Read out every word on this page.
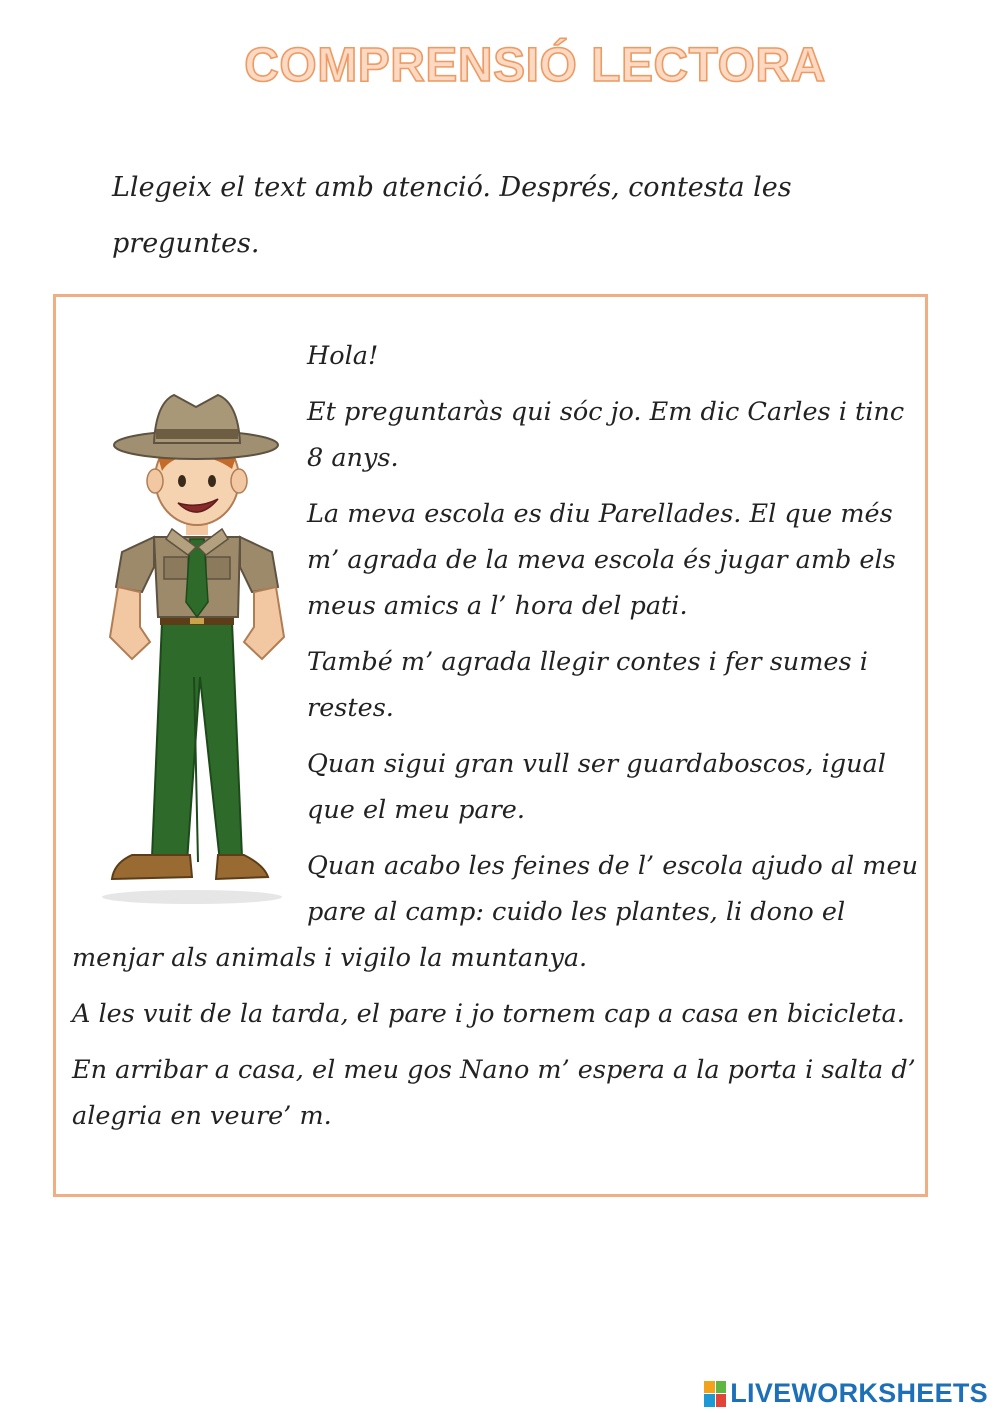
COMPRENSIÓ LECTORA

Llegeix el text amb atenció. Després, contesta les preguntes.

Hola!

Et preguntaràs qui sóc jo. Em dic Carles i tinc 8 anys.

La meva escola es diu Parellades. El que més m’ agrada de la meva escola és jugar amb els meus amics a l’ hora del pati.

També m’ agrada llegir contes i fer sumes i restes.

Quan sigui gran vull ser guardaboscos, igual que el meu pare.

Quan acabo les feines de l’ escola ajudo al meu pare al camp: cuido les plantes, li dono el menjar als animals i vigilo la muntanya.

A les vuit de la tarda, el pare i jo tornem cap a casa en bicicleta.

En arribar a casa, el meu gos Nano m’ espera a la porta i salta d’ alegria en veure’ m.

LIVEWORKSHEETS
